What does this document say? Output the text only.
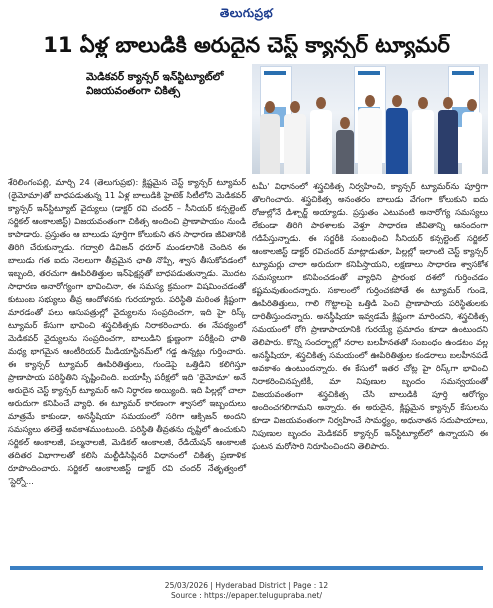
తెలుగుప్రభ
11 ఏళ్ల బాలుడికి అరుదైన చెస్ట్ క్యాన్సర్ ట్యూమర్
మెడికవర్ క్యాన్సర్ ఇన్‌స్టిట్యూట్‌లో
విజయవంతంగా చికిత్స

శేరిలింగంపల్లి, మార్చి 24 (తెలుగుప్రభ): క్లిష్టమైన చెస్ట్ క్యాన్సర్ ట్యూమర్ (థైమోమా)తో బాధపడుతున్న 11 ఏళ్ల బాలుడికి హైటెక్ సిటీలోని మెడికవర్ క్యాన్సర్ ఇన్‌స్టిట్యూట్ వైద్యులు (డాక్టర్ రవి చందర్ – సీనియర్ కన్సల్టెంట్ సర్జికల్ ఆంకాలజిస్ట్) విజయవంతంగా చికిత్స అందించి ప్రాణాపాయం నుండి కాపాడారు. ప్రస్తుతం ఆ బాలుడు పూర్తిగా కోలుకుని తన సాధారణ జీవితానికి తిరిగి చేరుకున్నాడు. గద్వాలి డివిజన్ ధరూర్ మండలానికి చెందిన ఈ బాలుడు గత ఐదు నెలలుగా తీవ్రమైన ఛాతి నొప్పి, శ్వాస తీసుకోవడంలో ఇబ్బంది, తరచుగా ఊపిరితిత్తుల ఇన్‌ఫెక్షన్లతో బాధపడుతున్నాడు. మొదట సాధారణ అనారోగ్యంగా భావించినా, ఈ సమస్య క్రమంగా విషమించడంతో కుటుంబ సభ్యులు తీవ్ర ఆందోళనకు గురయ్యారు. పరిస్థితి మరింత క్లిష్టంగా మారడంతో పలు ఆసుపత్రుల్లో వైద్యులను సంప్రదించగా, ఇది హై రిస్క్ ట్యూమర్ కేసుగా భావించి శస్త్రచికిత్సకు నిరాకరించారు. ఈ నేపథ్యంలో మెడికవర్ వైద్యులను సంప్రదించగా, బాలుడిని క్షుణ్ణంగా పరీక్షించి ఛాతి మధ్య భాగమైన ఆంటీరియర్ మీడియాస్టినమ్‌లో గడ్డ ఉన్నట్లు గుర్తించారు. ఈ క్యాన్సర్ ట్యూమర్ ఊపిరితిత్తులు, గుండెపై ఒత్తిడిని కలిగిస్తూ ప్రాణాపాయ పరిస్థితిని సృష్టించింది. బయాప్సీ పరీక్షలో ఇది 'థైమోమా' అనే అరుదైన చెస్ట్ క్యాన్సర్ ట్యూమర్ అని నిర్ధారణ అయ్యింది. ఇది పిల్లల్లో చాలా అరుదుగా కనిపించే వ్యాధి. ఈ ట్యూమర్ కారణంగా శ్వాసలో ఇబ్బందులు మాత్రమే కాకుండా, అనస్థీషియా సమయంలో సరిగా ఆక్సిజన్ అందని సమస్యలు తలెత్తే అవకాశముంటుంది. పరిస్థితి తీవ్రతను దృష్టిలో ఉంచుకుని సర్జికల్ ఆంకాలజీ, పల్మనాలజీ, మెడికల్ ఆంకాలజీ, రేడియేషన్ ఆంకాలజీ తదితర విభాగాలతో కలిసి మల్టీడిసిప్లినరీ విధానంలో చికిత్స ప్రణాళిక రూపొందించారు. సర్జికల్ ఆంకాలజిస్ట్ డాక్టర్ రవి చందర్ నేతృత్వంలో 'స్టెర్నో...

టమీ' విధానంలో శస్త్రచికిత్స నిర్వహించి, క్యాన్సర్ ట్యూమర్‌ను పూర్తిగా తొలగించారు. శస్త్రచికిత్స అనంతరం బాలుడు వేగంగా కోలుకుని ఐదు రోజుల్లోనే డిశ్చార్జ్ అయ్యాడు. ప్రస్తుతం ఎటువంటి అనారోగ్య సమస్యలు లేకుండా తిరిగి పాఠశాలకు వెళ్తూ సాధారణ జీవితాన్ని ఆనందంగా గడిపేస్తున్నాడు. ఈ సర్జరీకి సంబంధించి సీనియర్ కన్సల్టెంట్ సర్జికల్ ఆంకాలజిస్ట్ డాక్టర్ రవిచందర్ మాట్లాడుతూ, పిల్లల్లో ఇలాంటి చెస్ట్ క్యాన్సర్ ట్యూమర్లు చాలా అరుదుగా కనిపిస్తాయని, లక్షణాలు సాధారణ శ్వాసకోశ సమస్యలుగా కనిపించడంతో వ్యాధిని ప్రారంభ దశలో గుర్తించడం కష్టమవుతుందన్నారు. సకాలంలో గుర్తించకపోతే ఈ ట్యూమర్ గుండె, ఊపిరితిత్తులు, గాలి గొట్టాలపై ఒత్తిడి పెంచి ప్రాణాపాయ పరిస్థితులకు దారితీస్తుందన్నారు. అనస్థీషియా ఇవ్వడమే క్లిష్టంగా మారిందని, శస్త్రచికిత్స సమయంలో రోగి ప్రాణాపాయానికి గురయ్యే ప్రమాదం కూడా ఉంటుందని తెలిపారు. కొన్ని సందర్భాల్లో నరాల బలహీనతతో సంబంధం ఉండటం వల్ల అనస్థీషియా, శస్త్రచికిత్స సమయంలో ఊపిరితిత్తుల కండరాలు బలహీనపడే అవకాశం ఉంటుందన్నారు. ఈ కేసులో ఇతర చోట్ల హై రిస్క్‌గా భావించి నిరాకరించినప్పటికీ, మా నిపుణుల బృందం సమన్వయంతో విజయవంతంగా శస్త్రచికిత్స చేసి బాలుడికి పూర్తి ఆరోగ్యం అందించగలిగామని అన్నారు. ఈ అరుదైన, క్లిష్టమైన క్యాన్సర్ కేసులను కూడా విజయవంతంగా నిర్వహించే సామర్థ్యం, అధునాతన సదుపాయాలు, నిపుణుల బృందం మెడికవర్ క్యాన్సర్ ఇన్‌స్టిట్యూట్‌లో ఉన్నాయని ఈ ఘటన మరోసారి నిరూపించిందని తెలిపారు.

25/03/2026 | Hyderabad District | Page : 12
Source : https://epaper.telugupraba.net/
